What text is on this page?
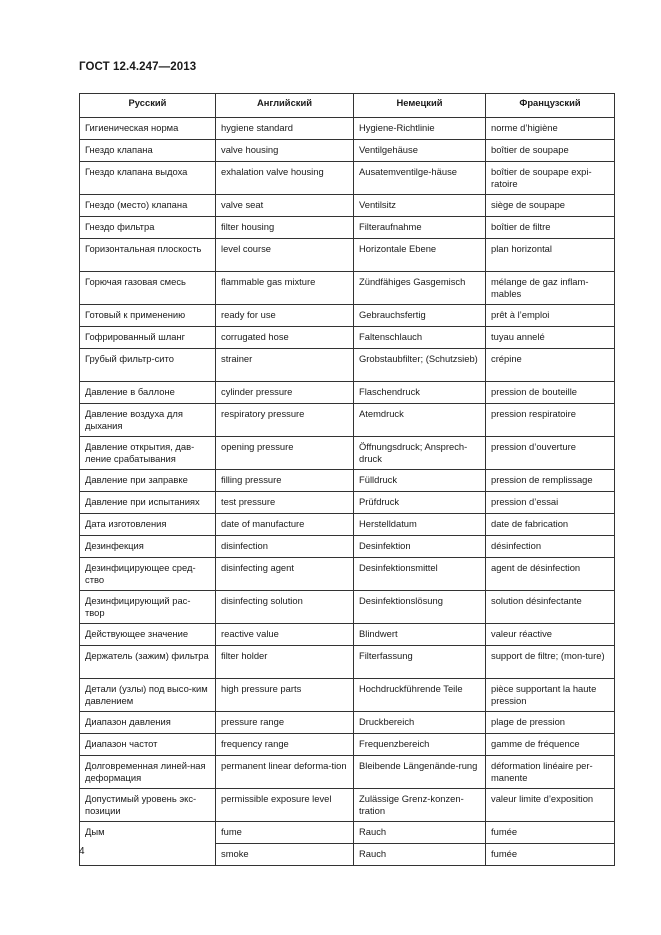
ГОСТ 12.4.247—2013
Русский	Английский	Немецкий	Французский
Гигиеническая норма	hygiene standard	Hygiene-Richtlinie	norme d’higiène
Гнездо клапана	valve housing	Ventilgehäuse	boîtier de soupape
Гнездо клапана выдоха	exhalation valve housing	Ausatemventilge-häuse	boîtier de soupape expi-ratoire
Гнездо (место) клапана	valve seat	Ventilsitz	siège de soupape
Гнездо фильтра	filter housing	Filteraufnahme	boîtier de filtre
Горизонтальная плоскость	level course	Horizontale Ebene	plan horizontal
Горючая газовая смесь	flammable gas mixture	Zündfähiges Gasgemisch	mélange de gaz inflam-mables
Готовый к применению	ready for use	Gebrauchsfertig	prêt à l’emploi
Гофрированный шланг	corrugated hose	Faltenschlauch	tuyau annelé
Грубый фильтр-сито	strainer	Grobstaubfilter; (Schutzsieb)	crépine
Давление в баллоне	cylinder pressure	Flaschendruck	pression de bouteille
Давление воздуха для дыхания	respiratory pressure	Atemdruck	pression respiratoire
Давление открытия, дав-ление срабатывания	opening pressure	Öffnungsdruck; Ansprech-druck	pression d’ouverture
Давление при заправке	filling pressure	Fülldruck	pression de remplissage
Давление при испытаниях	test pressure	Prüfdruck	pression d’essai
Дата изготовления	date of manufacture	Herstelldatum	date de fabrication
Дезинфекция	disinfection	Desinfektion	désinfection
Дезинфицирующее сред-ство	disinfecting agent	Desinfektionsmittel	agent de désinfection
Дезинфицирующий рас-твор	disinfecting solution	Desinfektionslösung	solution désinfectante
Действующее значение	reactive value	Blindwert	valeur réactive
Держатель (зажим) фильтра	filter holder	Filterfassung	support de filtre; (mon-ture)
Детали (узлы) под высо-ким давлением	high pressure parts	Hochdruckführende Teile	pièce supportant la haute pression
Диапазон давления	pressure range	Druckbereich	plage de pression
Диапазон частот	frequency range	Frequenzbereich	gamme de fréquence
Долговременная линей-ная деформация	permanent linear deforma-tion	Bleibende Längenände-rung	déformation linéaire per-manente
Допустимый уровень экс-позиции	permissible exposure level	Zulässige Grenz-konzen-tration	valeur limite d’exposition
Дым	fume	Rauch	fumée
	smoke	Rauch	fumée
4
